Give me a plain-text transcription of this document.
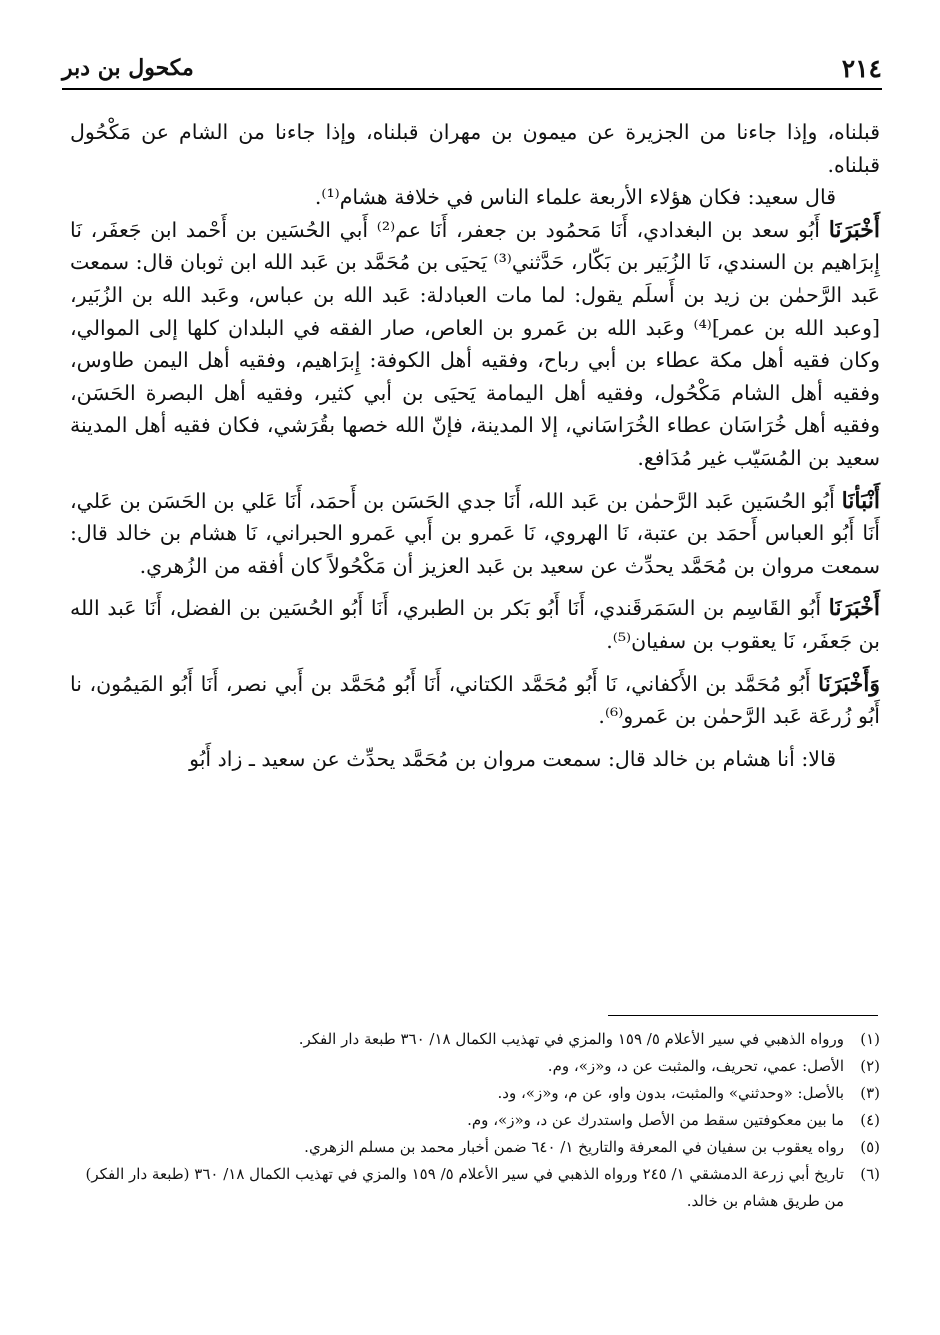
٢١٤
مكحول بن دبر

قبلناه، وإذا جاءنا من الجزيرة عن ميمون بن مهران قبلناه، وإذا جاءنا من الشام عن مَكْحُول قبلناه.

قال سعيد: فكان هؤلاء الأربعة علماء الناس في خلافة هشام⁽¹⁾.

أَخْبَرَنَا أَبُو سعد بن البغدادي، أَنَا مَحمُود بن جعفر، أَنَا عم⁽²⁾ أَبي الحُسَين بن أَحْمد ابن جَعفَر، نَا إِبرَاهيم بن السندي، نَا الزُبَير بن بَكّار، حَدَّثني⁽³⁾ يَحيَى بن مُحَمَّد بن عَبد الله ابن ثوبان قال: سمعت عَبد الرَّحمٰن بن زيد بن أَسلَم يقول: لما مات العبادلة: عَبد الله بن عباس، وعَبد الله بن الزُبَير، [وعبد الله بن عمر]⁽⁴⁾ وعَبد الله بن عَمرو بن العاص، صار الفقه في البلدان كلها إلى الموالي، وكان فقيه أهل مكة عطاء بن أبي رباح، وفقيه أهل الكوفة: إِبرَاهيم، وفقيه أهل اليمن طاوس، وفقيه أهل الشام مَكْحُول، وفقيه أهل اليمامة يَحيَى بن أبي كثير، وفقيه أهل البصرة الحَسَن، وفقيه أهل خُرَاسَان عطاء الخُرَاسَاني، إلا المدينة، فإنّ الله خصها بقُرَشي، فكان فقيه أهل المدينة سعيد بن المُسَيّب غير مُدَافع.

أَنْبَأنَا أَبُو الحُسَين عَبد الرَّحمٰن بن عَبد الله، أَنَا جدي الحَسَن بن أَحمَد، أَنَا عَلي بن الحَسَن بن عَلي، أَنَا أَبُو العباس أَحمَد بن عتبة، نَا الهروي، نَا عَمرو بن أَبي عَمرو الحبراني، نَا هشام بن خالد قال: سمعت مروان بن مُحَمَّد يحدِّث عن سعيد بن عَبد العزيز أن مَكْحُولاً كان أفقه من الزُهري.

أَخْبَرَنَا أَبُو القَاسِم بن السَمَرقَندي، أَنَا أَبُو بَكر بن الطبري، أَنَا أَبُو الحُسَين بن الفضل، أَنَا عَبد الله بن جَعفَر، نَا يعقوب بن سفيان⁽⁵⁾.

وَأَخْبَرَنَا أَبُو مُحَمَّد بن الأَكفاني، نَا أَبُو مُحَمَّد الكتاني، أَنَا أَبُو مُحَمَّد بن أَبي نصر، أَنَا أَبُو المَيمُون، نا أَبُو زُرعَة عَبد الرَّحمٰن بن عَمرو⁽⁶⁾.

قالا: أنا هشام بن خالد قال: سمعت مروان بن مُحَمَّد يحدِّث عن سعيد ـ زاد أَبُو

(١)
ورواه الذهبي في سير الأعلام ٥/ ١٥٩ والمزي في تهذيب الكمال ١٨/ ٣٦٠ طبعة دار الفكر.
(٢)
الأصل: عمي، تحريف، والمثبت عن د، و«ز»، وم.
(٣)
بالأصل: «وحدثني» والمثبت، بدون واو، عن م، و«ز»، ود.
(٤)
ما بين معكوفتين سقط من الأصل واستدرك عن د، و«ز»، وم.
(٥)
رواه يعقوب بن سفيان في المعرفة والتاريخ ١/ ٦٤٠ ضمن أخبار محمد بن مسلم الزهري.
(٦)
تاريخ أبي زرعة الدمشقي ١/ ٢٤٥ ورواه الذهبي في سير الأعلام ٥/ ١٥٩ والمزي في تهذيب الكمال ١٨/ ٣٦٠ (طبعة دار الفكر) من طريق هشام بن خالد.
